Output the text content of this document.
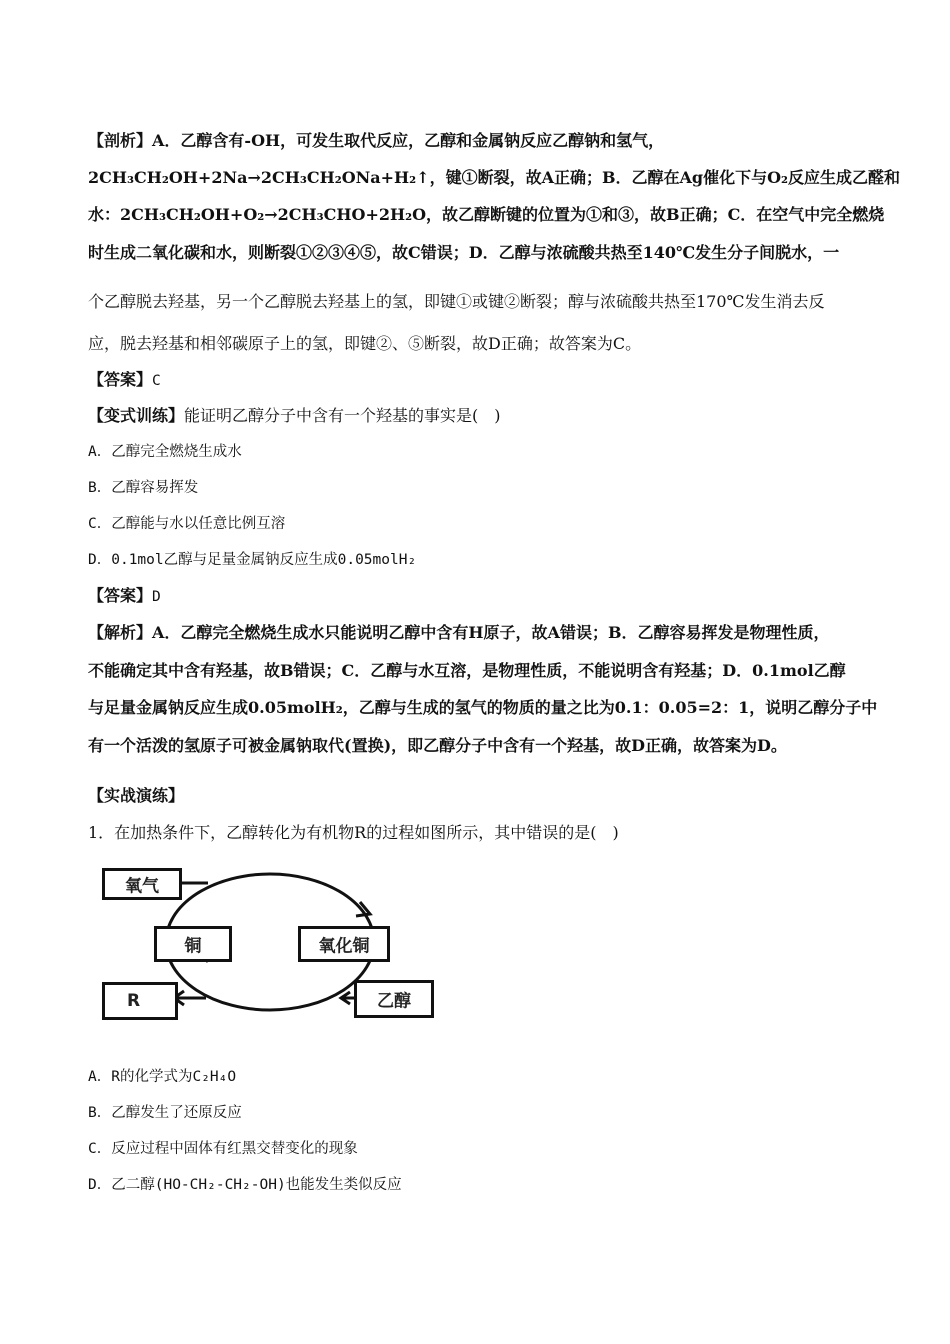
【剖析】A．乙醇含有-OH，可发生取代反应，乙醇和金属钠反应乙醇钠和氢气，
2CH₃CH₂OH+2Na→2CH₃CH₂ONa+H₂↑，键①断裂，故A正确；B．乙醇在Ag催化下与O₂反应生成乙醛和
水：2CH₃CH₂OH+O₂→2CH₃CHO+2H₂O，故乙醇断键的位置为①和③，故B正确；C．在空气中完全燃烧
时生成二氧化碳和水，则断裂①②③④⑤，故C错误；D．乙醇与浓硫酸共热至140℃发生分子间脱水，一
个乙醇脱去羟基，另一个乙醇脱去羟基上的氢，即键①或键②断裂；醇与浓硫酸共热至170℃发生消去反
应，脱去羟基和相邻碳原子上的氢，即键②、⑤断裂，故D正确；故答案为C。
【答案】C
【变式训练】能证明乙醇分子中含有一个羟基的事实是(　)
A．乙醇完全燃烧生成水
B．乙醇容易挥发
C．乙醇能与水以任意比例互溶
D．0.1mol乙醇与足量金属钠反应生成0.05molH₂
【答案】D
【解析】A．乙醇完全燃烧生成水只能说明乙醇中含有H原子，故A错误；B．乙醇容易挥发是物理性质，
不能确定其中含有羟基，故B错误；C．乙醇与水互溶，是物理性质，不能说明含有羟基；D．0.1mol乙醇
与足量金属钠反应生成0.05molH₂，乙醇与生成的氢气的物质的量之比为0.1：0.05=2：1，说明乙醇分子中
有一个活泼的氢原子可被金属钠取代(置换)，即乙醇分子中含有一个羟基，故D正确，故答案为D。
【实战演练】
1．在加热条件下，乙醇转化为有机物R的过程如图所示，其中错误的是(　)
氧气
铜	氧化铜
R	乙醇
A．R的化学式为C₂H₄O
B．乙醇发生了还原反应
C．反应过程中固体有红黑交替变化的现象
D．乙二醇(HO-CH₂-CH₂-OH)也能发生类似反应
